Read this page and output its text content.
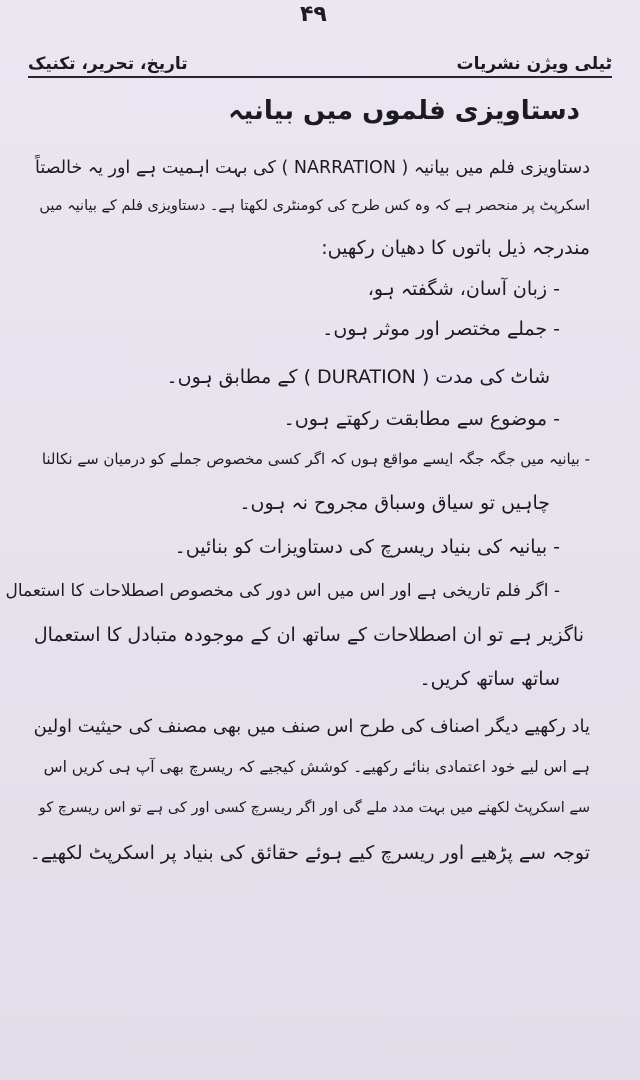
تاریخ، تحریر، تکنیک	ٹیلی ویژن نشریات
۴۹
دستاویزی فلموں میں بیانیہ
دستاویزی فلم میں بیانیہ ( NARRATION ) کی بہت اہمیت ہے اور یہ خالصتاً
اسکرپٹ پر منحصر ہے کہ وہ کس طرح کی کومنٹری لکھتا ہے۔ دستاویزی فلم کے بیانیہ میں
مندرجہ ذیل باتوں کا دھیان رکھیں:
- زبان آسان، شگفتہ ہو،
- جملے مختصر اور موثر ہوں۔
شاٹ کی مدت ( DURATION ) کے مطابق ہوں۔
- موضوع سے مطابقت رکھتے ہوں۔
- بیانیہ میں جگہ جگہ ایسے مواقع ہوں کہ اگر کسی مخصوص جملے کو درمیان سے نکالنا
چاہیں تو سیاق وسباق مجروح نہ ہوں۔
- بیانیہ کی بنیاد ریسرچ کی دستاویزات کو بنائیں۔
- اگر فلم تاریخی ہے اور اس میں اس دور کی مخصوص اصطلاحات کا استعمال
ناگزیر ہے تو ان اصطلاحات کے ساتھ ان کے موجودہ متبادل کا استعمال
ساتھ ساتھ کریں۔
یاد رکھیے دیگر اصناف کی طرح اس صنف میں بھی مصنف کی حیثیت اولین
ہے اس لیے خود اعتمادی بنائے رکھیے۔ کوشش کیجیے کہ ریسرچ بھی آپ ہی کریں اس
سے اسکرپٹ لکھنے میں بہت مدد ملے گی اور اگر ریسرچ کسی اور کی ہے تو اس ریسرچ کو
توجہ سے پڑھیے اور ریسرچ کیے ہوئے حقائق کی بنیاد پر اسکرپٹ لکھیے۔
